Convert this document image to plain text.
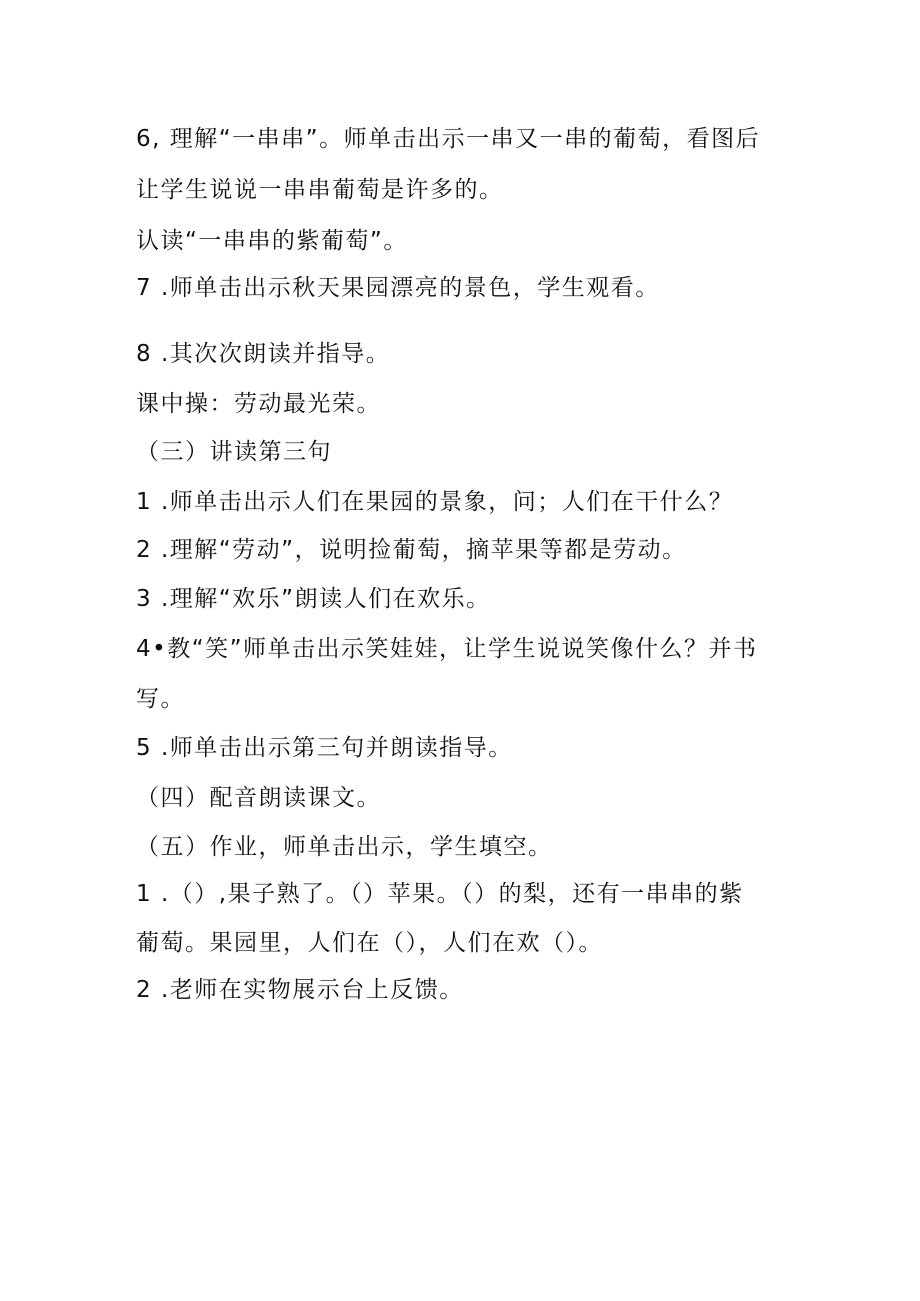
6, 理解“一串串”。师单击出示一串又一串的葡萄，看图后
让学生说说一串串葡萄是许多的。
认读“一串串的紫葡萄”。
7 .师单击出示秋天果园漂亮的景色，学生观看。
8 .其次次朗读并指导。
课中操：劳动最光荣。
（三）讲读第三句
1 .师单击出示人们在果园的景象，问；人们在干什么？
2 .理解“劳动”，说明捡葡萄，摘苹果等都是劳动。
3 .理解“欢乐”朗读人们在欢乐。
4•教“笑”师单击出示笑娃娃，让学生说说笑像什么？并书
写。
5 .师单击出示第三句并朗读指导。
（四）配音朗读课文。
（五）作业，师单击出示，学生填空。
1 .（）,果子熟了。（）苹果。（）的梨，还有一串串的紫
葡萄。果园里，人们在（），人们在欢（）。
2 .老师在实物展示台上反馈。
